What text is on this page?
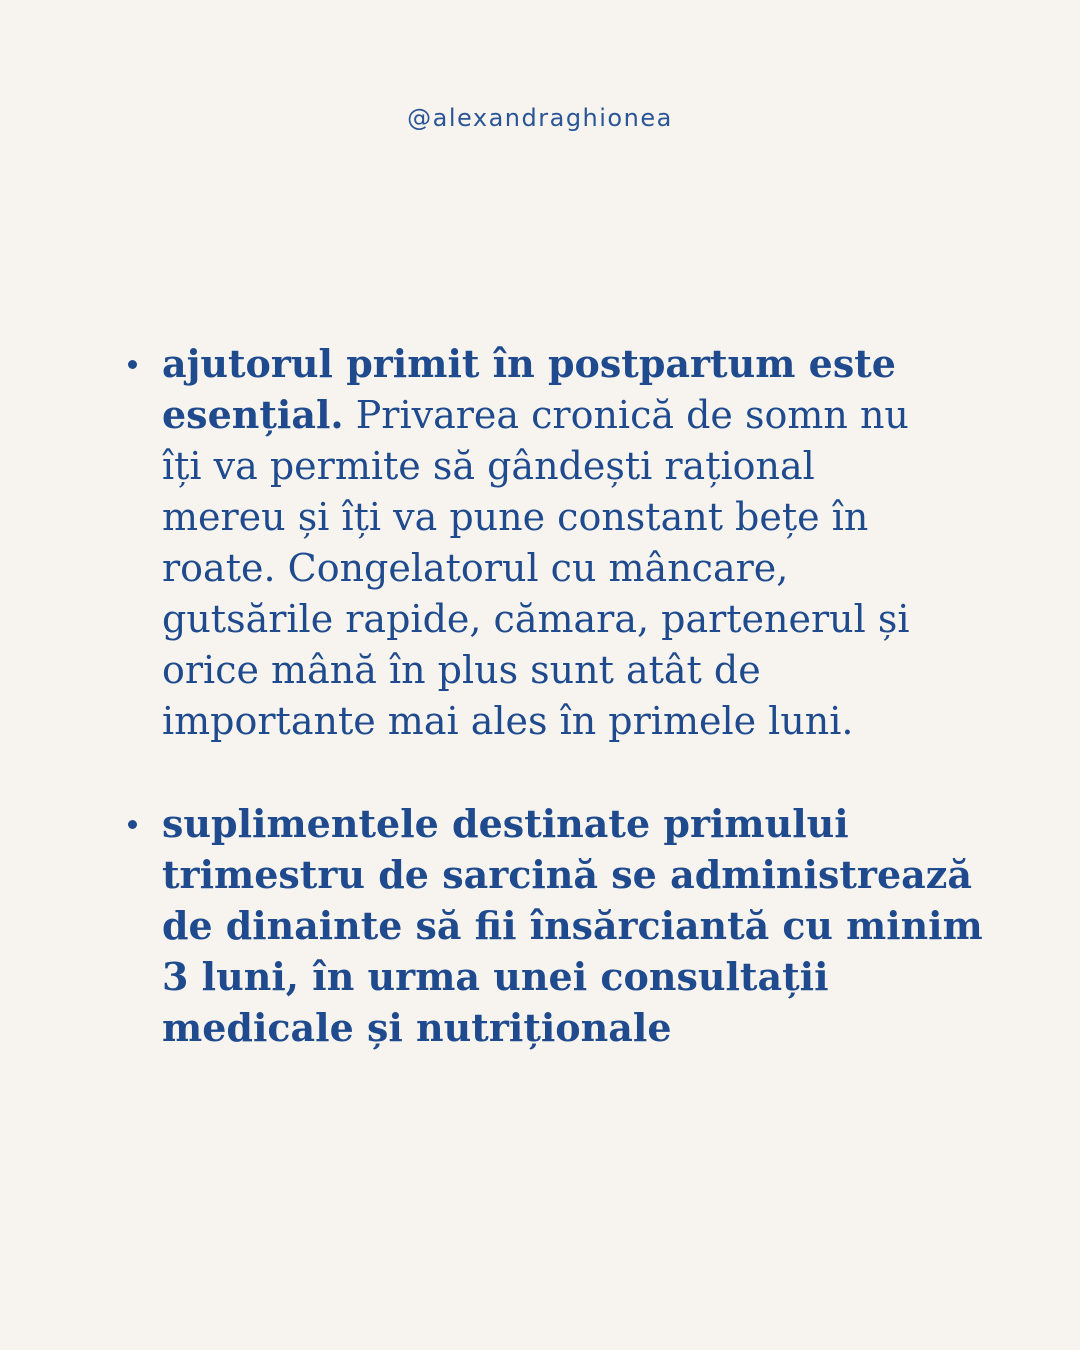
@alexandraghionea
ajutorul primit în postpartum este
esențial. Privarea cronică de somn nu
îți va permite să gândești rațional
mereu și îți va pune constant bețe în
roate. Congelatorul cu mâncare,
gutsările rapide, cămara, partenerul și
orice mână în plus sunt atât de
importante mai ales în primele luni.
suplimentele destinate primului
trimestru de sarcină se administrează
de dinainte să fii însărciantă cu minim
3 luni, în urma unei consultații
medicale și nutriționale
